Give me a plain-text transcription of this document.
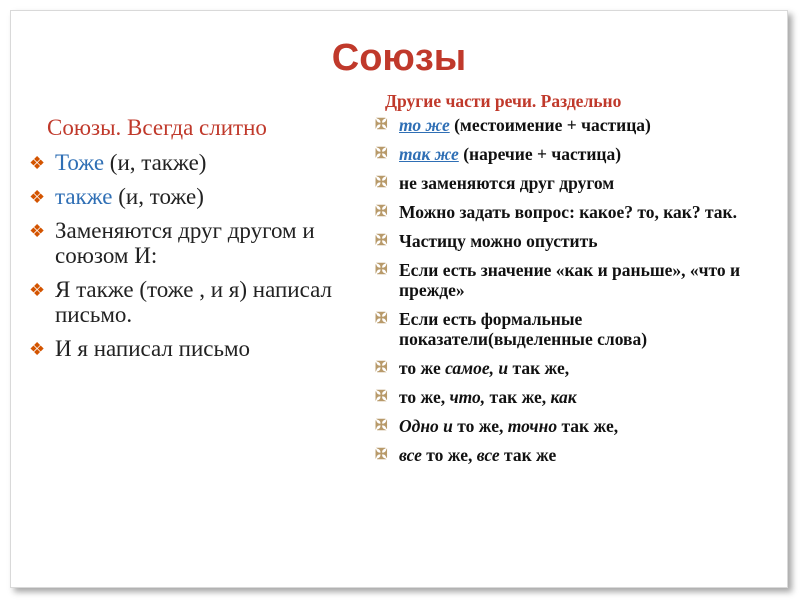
Союзы
Союзы. Всегда слитно
❖ Тоже (и, также)
❖ также (и, тоже)
❖ Заменяются друг другом и союзом И:
❖ Я также (тоже , и я) написал письмо.
❖ И я написал письмо
Другие части речи. Раздельно
✠ то же (местоимение + частица)
✠ так же (наречие + частица)
✠ не заменяются друг другом
✠ Можно задать вопрос: какое? то, как? так.
✠ Частицу можно опустить
✠ Если есть значение «как и раньше», «что и прежде»
✠ Если есть формальные показатели(выделенные слова)
✠ то же самое, и так же,
✠ то же, что, так же, как
✠ Одно и то же, точно так же,
✠ все то же, все так же
